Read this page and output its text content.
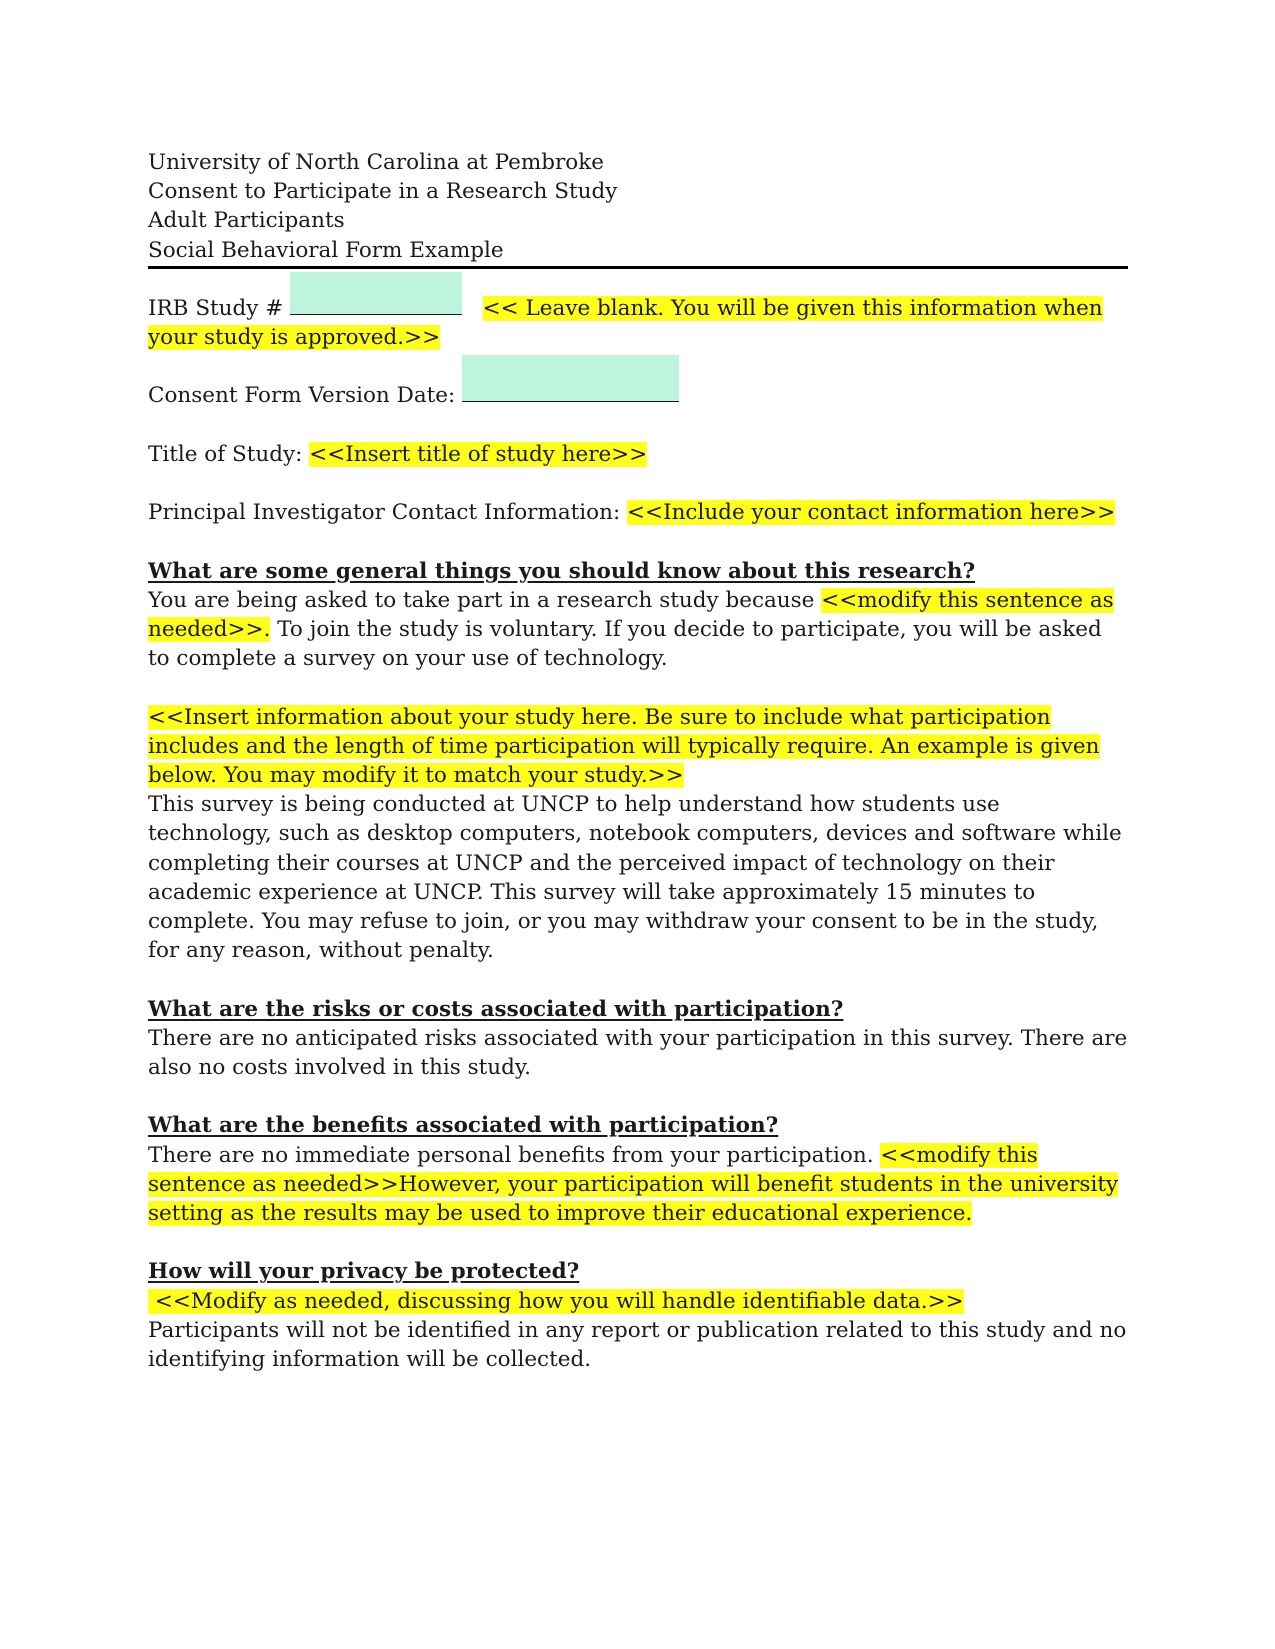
University of North Carolina at Pembroke

Consent to Participate in a Research Study

Adult Participants

Social Behavioral Form Example

IRB Study #	<< Leave blank. You will be given this information when
your study is approved.>>

Consent Form Version Date:

Title of Study: <<Insert title of study here>>

Principal Investigator Contact Information: <<Include your contact information here>>

What are some general things you should know about this research?

You are being asked to take part in a research study because <<modify this sentence as needed>>. To join the study is voluntary. If you decide to participate, you will be asked to complete a survey on your use of technology.

<<Insert information about your study here. Be sure to include what participation includes and the length of time participation will typically require. An example is given below. You may modify it to match your study.>>

This survey is being conducted at UNCP to help understand how students use technology, such as desktop computers, notebook computers, devices and software while completing their courses at UNCP and the perceived impact of technology on their academic experience at UNCP. This survey will take approximately 15 minutes to complete. You may refuse to join, or you may withdraw your consent to be in the study, for any reason, without penalty.

What are the risks or costs associated with participation?

There are no anticipated risks associated with your participation in this survey. There are also no costs involved in this study.

What are the benefits associated with participation?

There are no immediate personal benefits from your participation. <<modify this sentence as needed>>However, your participation will benefit students in the university setting as the results may be used to improve their educational experience.

How will your privacy be protected?

<<Modify as needed, discussing how you will handle identifiable data.>>

Participants will not be identified in any report or publication related to this study and no identifying information will be collected.
